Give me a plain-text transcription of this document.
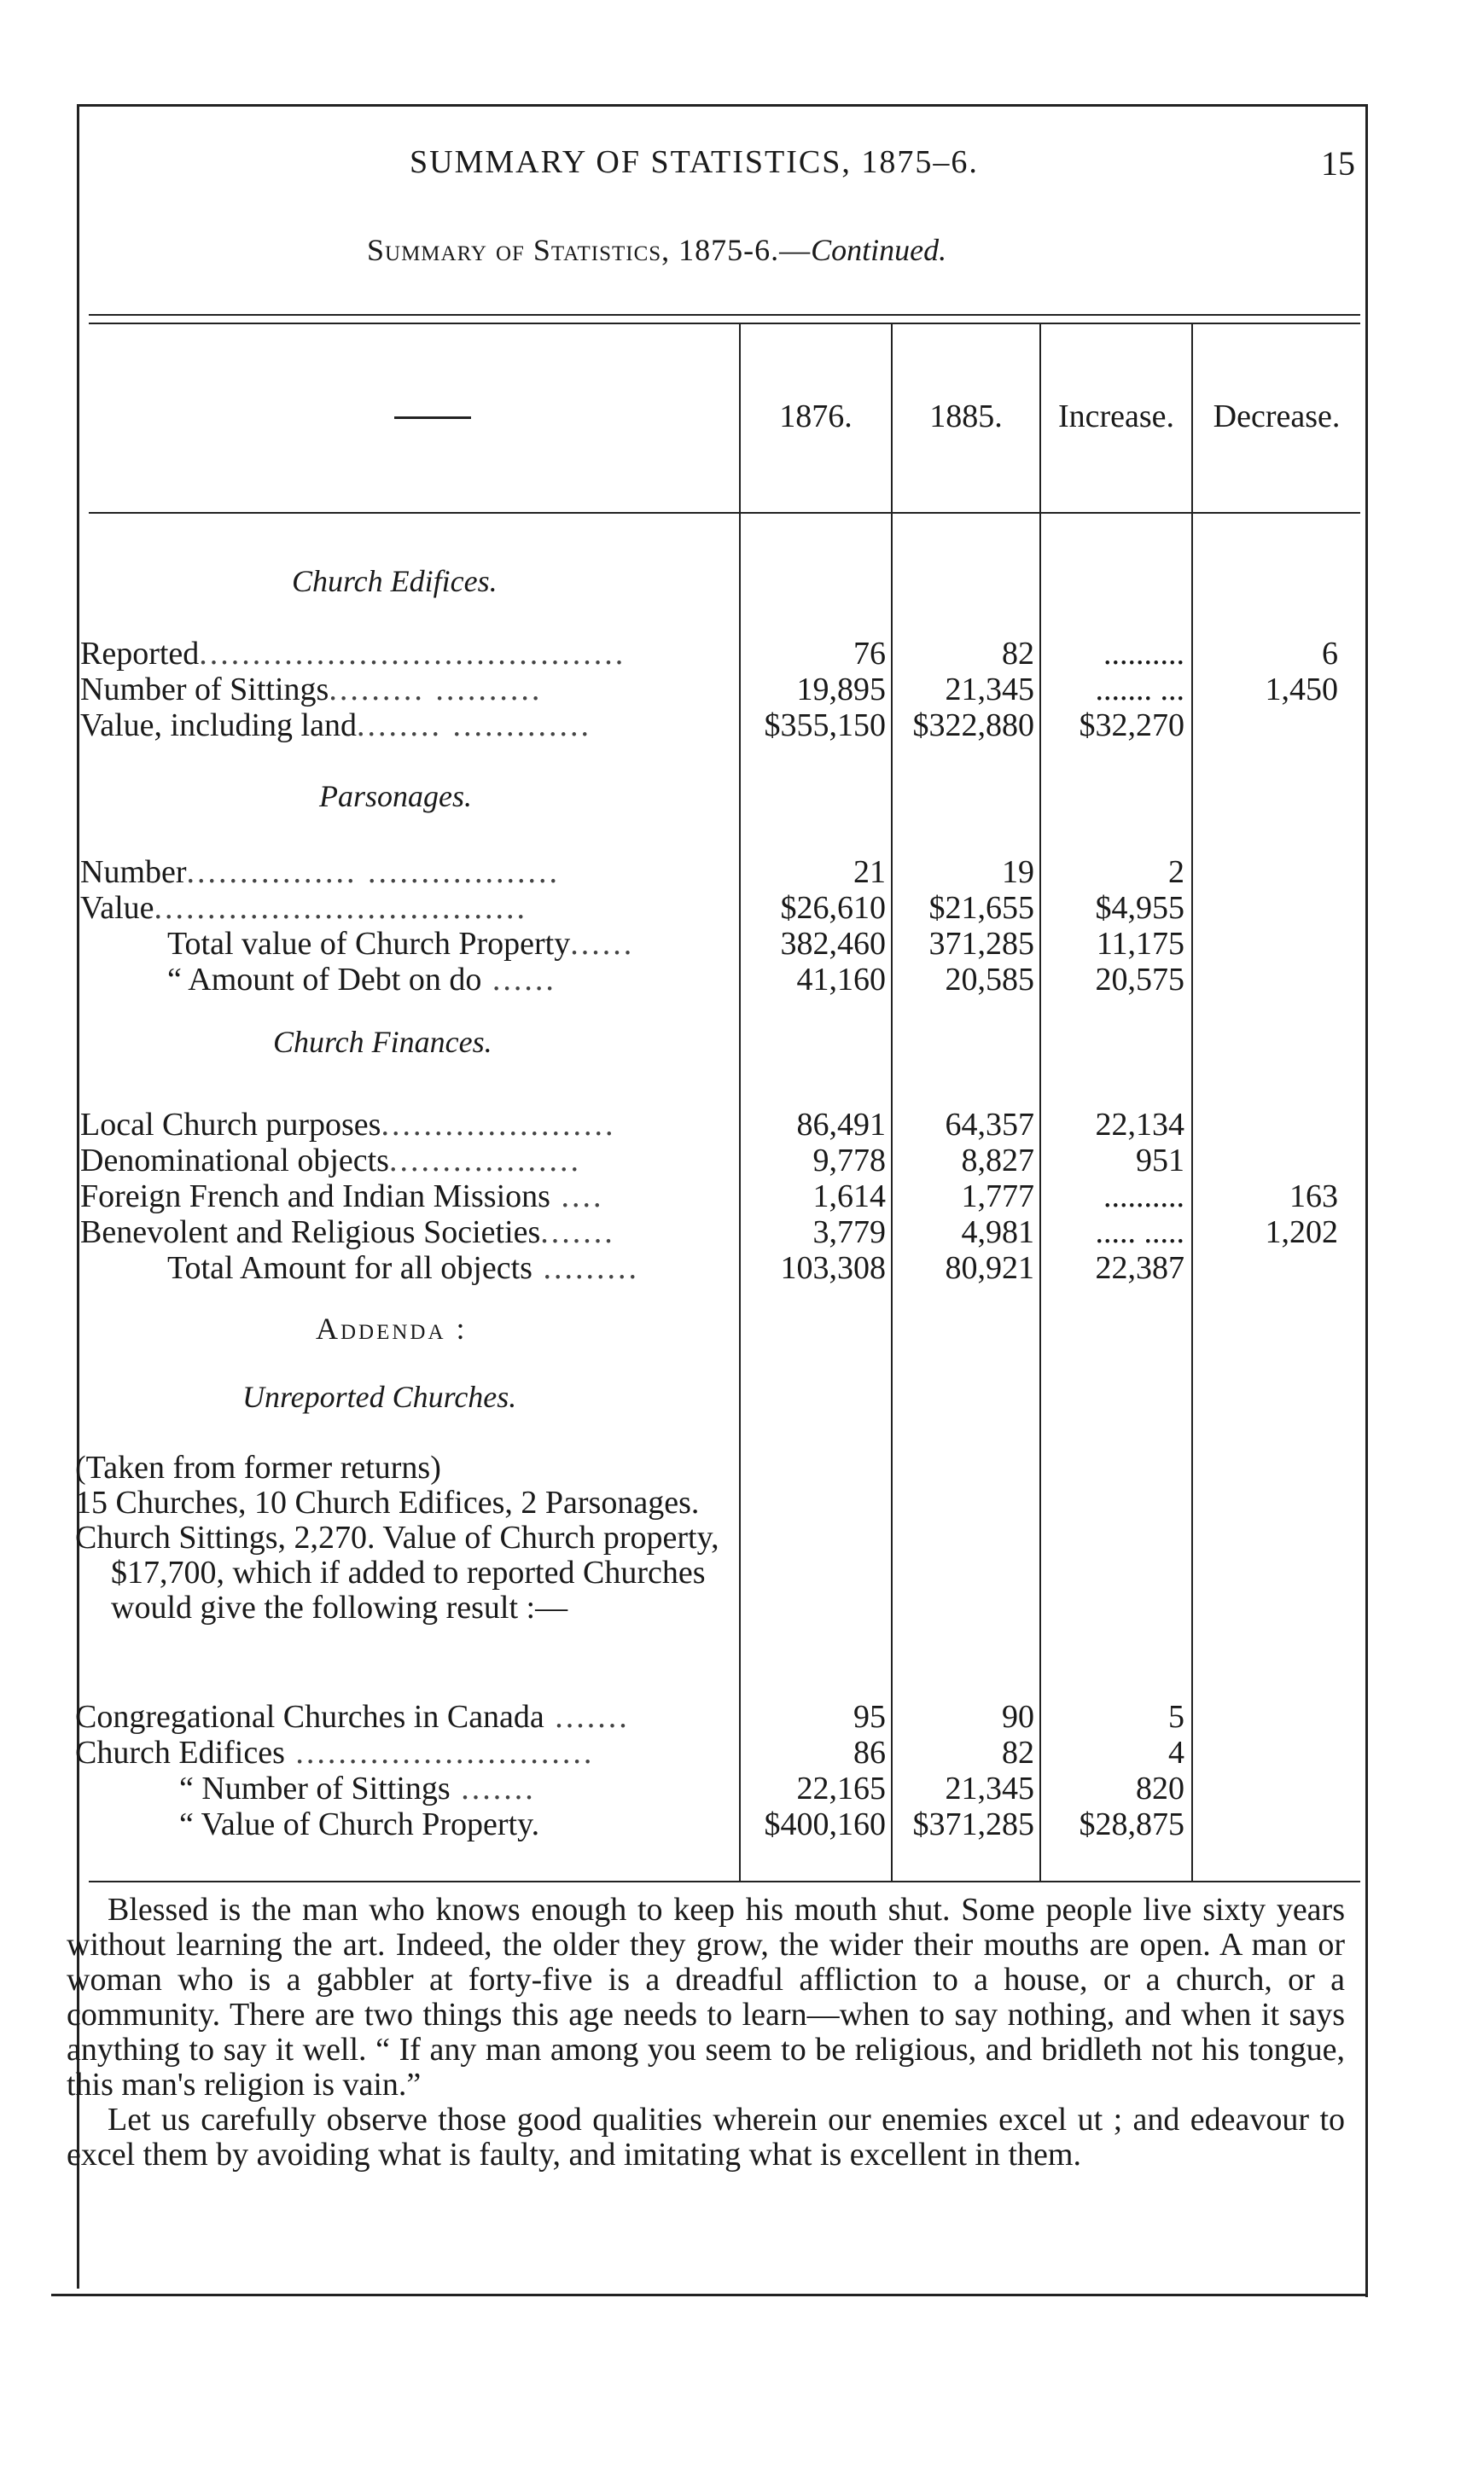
SUMMARY OF STATISTICS, 1875–6.	15
Summary of Statistics, 1875-6.—Continued.
1876.	1885.	Increase.	Decrease.
Church Edifices.
Parsonages.
Church Finances.
Addenda :
Unreported Churches.
Reported........................................	76	82	..........	6
Number of Sittings......... ..........	19,895	21,345	....... ...	1,450
Value, including land........ .............	$355,150 $322,880	$32,270
Number................ ..................	21	19	2
Value...................................	$26,610	$21,655	$4,955
Total value of Church Property......	382,460	371,285	11,175
“ Amount of Debt on do ......	41,160	20,585	20,575
Local Church purposes......................	86,491	64,357	22,134
Denominational objects..................	9,778	8,827	951
Foreign French and Indian Missions ....	1,614	1,777	..........	163
Benevolent and Religious Societies.......	3,779	4,981	..... .....	1,202
Total Amount for all objects .........	103,308	80,921	22,387

(Taken from former returns)

15 Churches, 10 Church Edifices, 2 Parsonages.

Church Sittings, 2,270. Value of Church property, $17,700, which if added to reported Churches would give the following result :—

Congregational Churches in Canada .......	95	90	5
Church Edifices ............................	86	82	4
“ Number of Sittings .......	22,165	21,345	820
“ Value of Church Property.	$400,160 $371,285	$28,875

Blessed is the man who knows enough to keep his mouth shut. Some people live sixty years without learning the art. Indeed, the older they grow, the wider their mouths are open. A man or woman who is a gabbler at forty-five is a dreadful affliction to a house, or a church, or a community. There are two things this age needs to learn—when to say nothing, and when it says anything to say it well. “ If any man among you seem to be religious, and bridleth not his tongue, this man's religion is vain.”

Let us carefully observe those good qualities wherein our enemies excel ut ; and edeavour to excel them by avoiding what is faulty, and imitating what is excellent in them.
